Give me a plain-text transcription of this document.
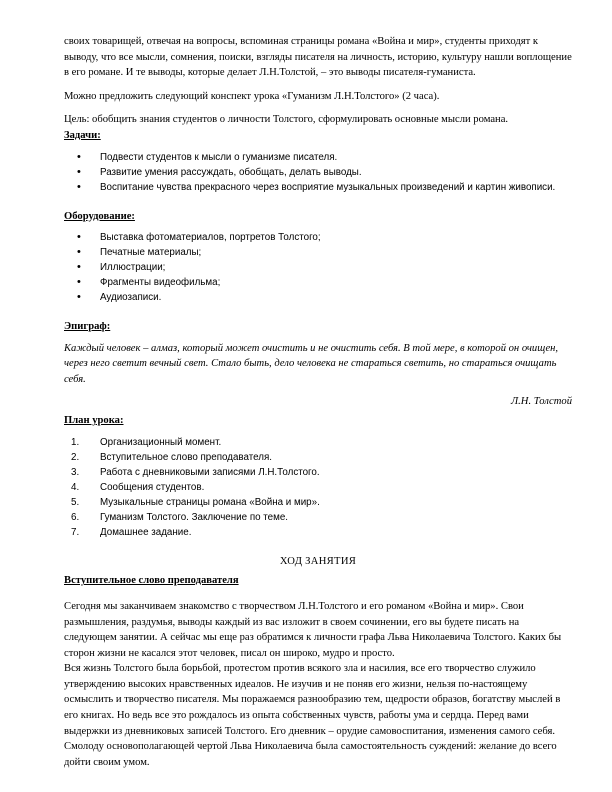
своих товарищей, отвечая на вопросы, вспоминая страницы романа «Война и мир», студенты приходят к выводу, что все мысли, сомнения, поиски, взгляды писателя на личность, историю, культуру нашли воплощение в его романе. И те выводы, которые делает Л.Н.Толстой, – это выводы писателя-гуманиста.

Можно предложить следующий конспект урока «Гуманизм Л.Н.Толстого» (2 часа).

Цель: обобщить знания студентов о личности Толстого, сформулировать основные мысли романа.

Задачи:

• Подвести студентов к мысли о гуманизме писателя.
• Развитие умения рассуждать, обобщать, делать выводы.
• Воспитание чувства прекрасного через восприятие музыкальных произведений и картин живописи.

Оборудование:

• Выставка фотоматериалов, портретов Толстого;
• Печатные материалы;
• Иллюстрации;
• Фрагменты видеофильма;
• Аудиозаписи.

Эпиграф:

Каждый человек – алмаз, который может очистить и не очистить себя. В той мере, в которой он очищен, через него светит вечный свет. Стало быть, дело человека не стараться светить, но стараться очищать себя.

Л.Н. Толстой

План урока:

1. Организационный момент.
2. Вступительное слово преподавателя.
3. Работа с дневниковыми записями Л.Н.Толстого.
4. Сообщения студентов.
5. Музыкальные страницы романа «Война и мир».
6. Гуманизм Толстого. Заключение по теме.
7. Домашнее задание.

ХОД ЗАНЯТИЯ

Вступительное слово преподавателя

Сегодня мы заканчиваем знакомство с творчеством Л.Н.Толстого и его романом «Война и мир». Свои размышления, раздумья, выводы каждый из вас изложит в своем сочинении, его вы будете писать на следующем занятии. А сейчас мы еще раз обратимся к личности графа Льва Николаевича Толстого. Каких бы сторон жизни не касался этот человек, писал он широко, мудро и просто.

Вся жизнь Толстого была борьбой, протестом против всякого зла и насилия, все его творчество служило утверждению высоких нравственных идеалов. Не изучив и не поняв его жизни, нельзя по-настоящему осмыслить и творчество писателя. Мы поражаемся разнообразию тем, щедрости образов, богатству мыслей в его книгах. Но ведь все это рождалось из опыта собственных чувств, работы ума и сердца. Перед вами выдержки из дневниковых записей Толстого. Его дневник – орудие самовоспитания, изменения самого себя. Смолоду основополагающей чертой Льва Николаевича была самостоятельность суждений: желание до всего дойти своим умом.
